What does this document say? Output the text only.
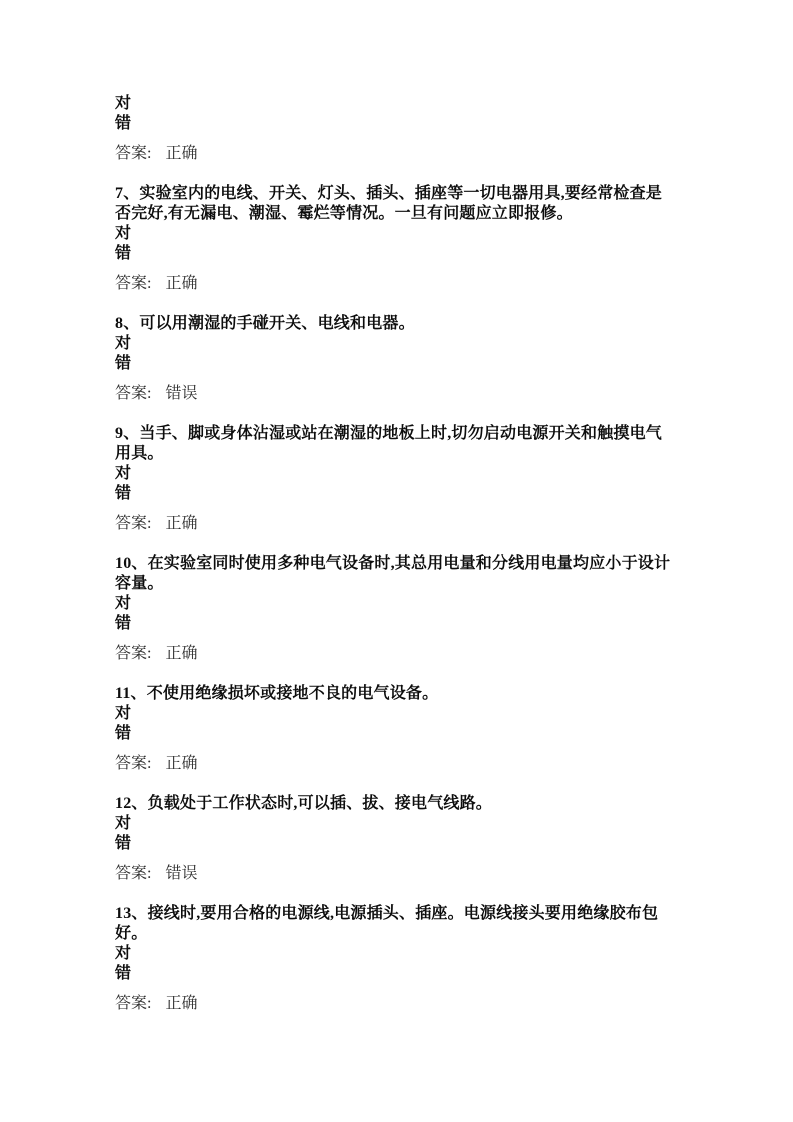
对

错

答案: 正确

7、实验室内的电线、开关、灯头、插头、插座等一切电器用具,要经常检查是否完好,有无漏电、潮湿、霉烂等情况。一旦有问题应立即报修。

对

错

答案: 正确

8、可以用潮湿的手碰开关、电线和电器。

对

错

答案: 错误

9、当手、脚或身体沾湿或站在潮湿的地板上时,切勿启动电源开关和触摸电气用具。

对

错

答案: 正确

10、在实验室同时使用多种电气设备时,其总用电量和分线用电量均应小于设计容量。

对

错

答案: 正确

11、不使用绝缘损坏或接地不良的电气设备。

对

错

答案: 正确

12、负载处于工作状态时,可以插、拔、接电气线路。

对

错

答案: 错误

13、接线时,要用合格的电源线,电源插头、插座。电源线接头要用绝缘胶布包好。

对

错

答案: 正确
